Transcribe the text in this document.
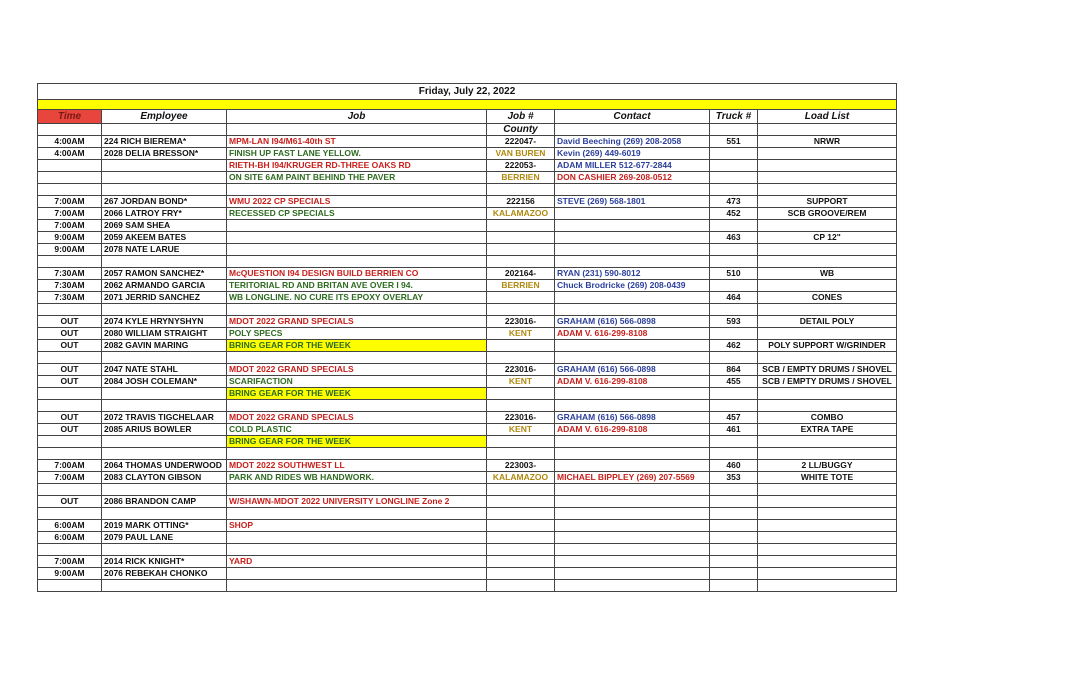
Friday, July 22, 2022						

Time	Employee	Job	Job #	Contact	Truck #	Load List
			County			
4:00AM	224 RICH BIEREMA*	MPM-LAN I94/M61-40th ST	222047-	David Beeching (269) 208-2058	551	NRWR
4:00AM	2028 DELIA BRESSON*	FINISH UP FAST LANE YELLOW.	VAN BUREN	Kevin (269) 449-6019		
		RIETH-BH I94/KRUGER RD-THREE OAKS RD	222053-	ADAM MILLER 512-677-2844		
		ON SITE 6AM PAINT BEHIND THE PAVER	BERRIEN	DON CASHIER 269-208-0512		

7:00AM	267 JORDAN BOND*	WMU 2022 CP SPECIALS	222156	STEVE (269) 568-1801	473	SUPPORT
7:00AM	2066 LATROY FRY*	RECESSED CP SPECIALS	KALAMAZOO		452	SCB GROOVE/REM
7:00AM	2069 SAM SHEA					
9:00AM	2059 AKEEM BATES				463	CP 12"
9:00AM	2078 NATE LARUE					

7:30AM	2057 RAMON SANCHEZ*	McQUESTION I94 DESIGN BUILD BERRIEN CO	202164-	RYAN (231) 590-8012	510	WB
7:30AM	2062 ARMANDO GARCIA	TERITORIAL RD AND BRITAN AVE OVER I 94.	BERRIEN	Chuck Brodricke (269) 208-0439		
7:30AM	2071 JERRID SANCHEZ	WB LONGLINE. NO CURE ITS EPOXY OVERLAY			464	CONES

OUT	2074 KYLE HRYNYSHYN	MDOT 2022 GRAND SPECIALS	223016-	GRAHAM (616) 566-0898	593	DETAIL POLY
OUT	2080 WILLIAM STRAIGHT	POLY SPECS	KENT	ADAM V. 616-299-8108		
OUT	2082 GAVIN MARING	BRING GEAR FOR THE WEEK			462	POLY SUPPORT W/GRINDER

OUT	2047 NATE STAHL	MDOT 2022 GRAND SPECIALS	223016-	GRAHAM (616) 566-0898	864	SCB / EMPTY DRUMS / SHOVEL
OUT	2084 JOSH COLEMAN*	SCARIFACTION	KENT	ADAM V. 616-299-8108	455	SCB / EMPTY DRUMS / SHOVEL
		BRING GEAR FOR THE WEEK				

OUT	2072 TRAVIS TIGCHELAAR	MDOT 2022 GRAND SPECIALS	223016-	GRAHAM (616) 566-0898	457	COMBO
OUT	2085 ARIUS BOWLER	COLD PLASTIC	KENT	ADAM V. 616-299-8108	461	EXTRA TAPE
		BRING GEAR FOR THE WEEK				

7:00AM	2064 THOMAS UNDERWOOD	MDOT 2022 SOUTHWEST LL	223003-		460	2 LL/BUGGY
7:00AM	2083 CLAYTON GIBSON	PARK AND RIDES WB HANDWORK.	KALAMAZOO	MICHAEL BIPPLEY (269) 207-5569	353	WHITE TOTE

OUT	2086 BRANDON CAMP	W/SHAWN-MDOT 2022 UNIVERSITY LONGLINE Zone 2				

6:00AM	2019 MARK OTTING*	SHOP				
6:00AM	2079 PAUL LANE					

7:00AM	2014 RICK KNIGHT*	YARD				
9:00AM	2076 REBEKAH CHONKO					
